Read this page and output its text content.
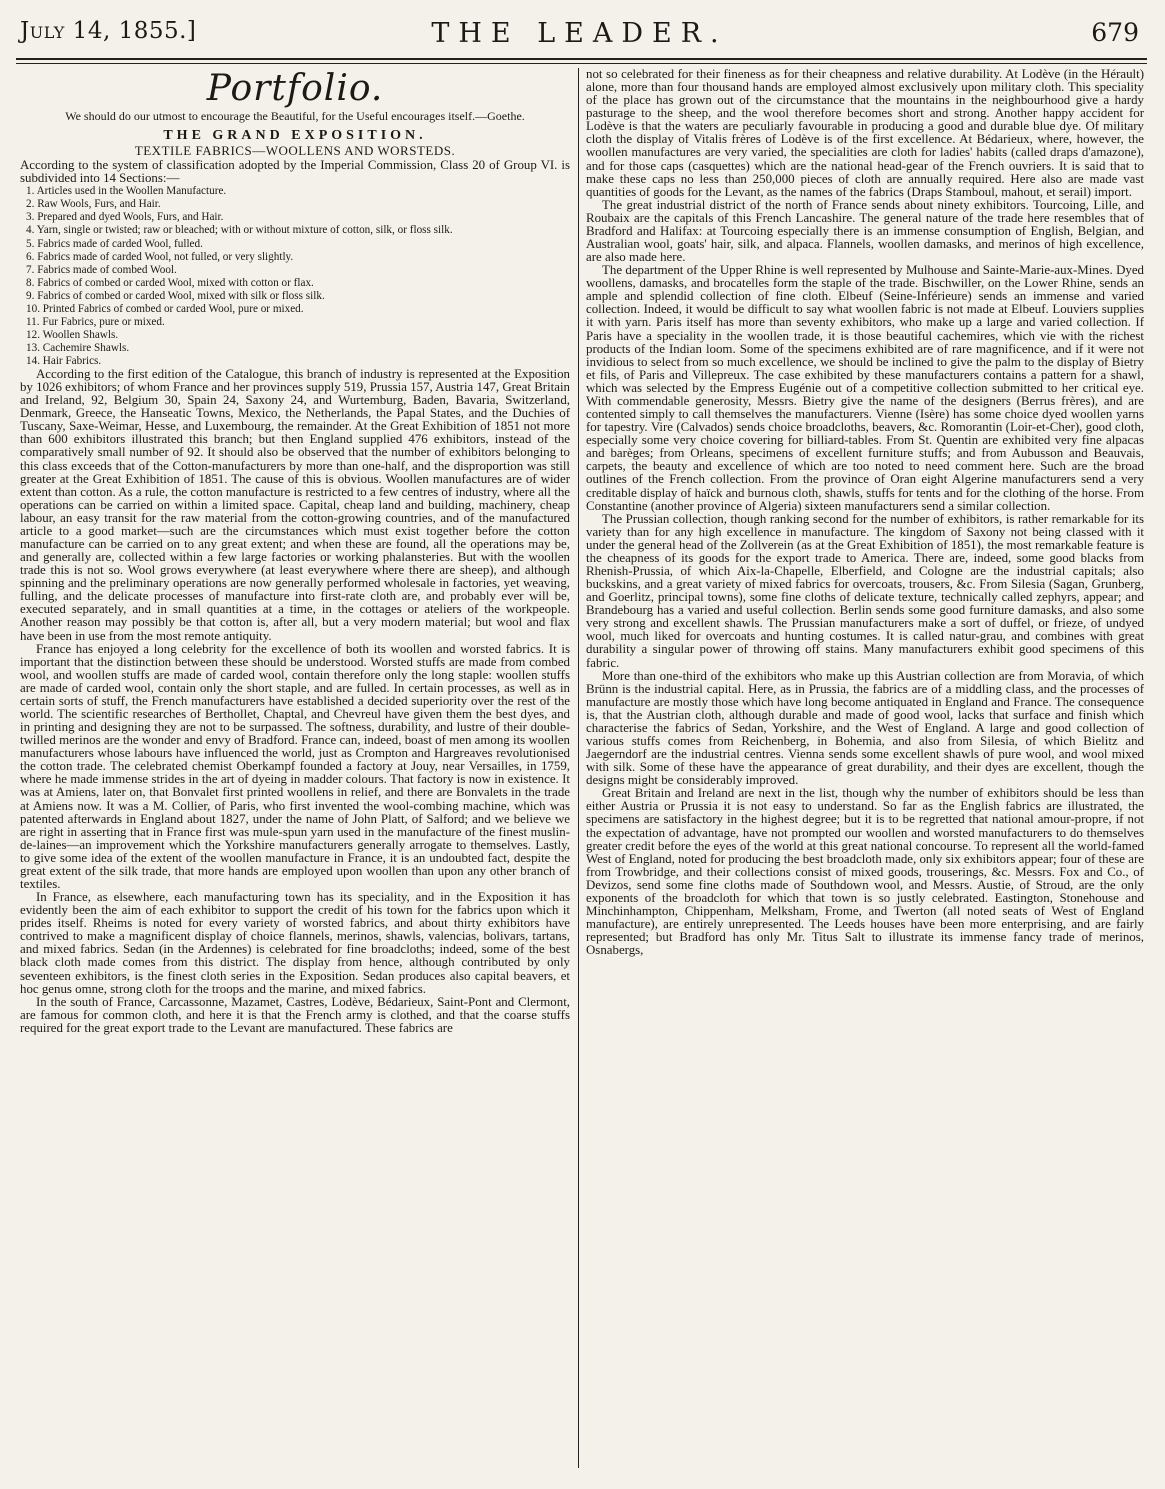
July 14, 1855.]	THE LEADER.	679
Portfolio.
We should do our utmost to encourage the Beautiful, for the Useful encourages itself.—Goethe.
THE GRAND EXPOSITION.
TEXTILE FABRICS—WOOLLENS AND WORSTEDS.

According to the system of classification adopted by the Imperial Commission, Class 20 of Group VI. is subdivided into 14 Sections:—

1. Articles used in the Woollen Manufacture.
2. Raw Wools, Furs, and Hair.
3. Prepared and dyed Wools, Furs, and Hair.
4. Yarn, single or twisted; raw or bleached; with or without mixture of cotton, silk, or floss silk.
5. Fabrics made of carded Wool, fulled.
6. Fabrics made of carded Wool, not fulled, or very slightly.
7. Fabrics made of combed Wool.
8. Fabrics of combed or carded Wool, mixed with cotton or flax.
9. Fabrics of combed or carded Wool, mixed with silk or floss silk.
10. Printed Fabrics of combed or carded Wool, pure or mixed.
11. Fur Fabrics, pure or mixed.
12. Woollen Shawls.
13. Cachemire Shawls.
14. Hair Fabrics.

According to the first edition of the Catalogue, this branch of industry is represented at the Exposition by 1026 exhibitors; of whom France and her provinces supply 519, Prussia 157, Austria 147, Great Britain and Ireland, 92, Belgium 30, Spain 24, Saxony 24, and Wurtemburg, Baden, Bavaria, Switzerland, Denmark, Greece, the Hanseatic Towns, Mexico, the Netherlands, the Papal States, and the Duchies of Tuscany, Saxe-Weimar, Hesse, and Luxembourg, the remainder. At the Great Exhibition of 1851 not more than 600 exhibitors illustrated this branch; but then England supplied 476 exhibitors, instead of the comparatively small number of 92. It should also be observed that the number of exhibitors belonging to this class exceeds that of the Cotton-manufacturers by more than one-half, and the disproportion was still greater at the Great Exhibition of 1851. The cause of this is obvious. Woollen manufactures are of wider extent than cotton. As a rule, the cotton manufacture is restricted to a few centres of industry, where all the operations can be carried on within a limited space. Capital, cheap land and building, machinery, cheap labour, an easy transit for the raw material from the cotton-growing countries, and of the manufactured article to a good market—such are the circumstances which must exist together before the cotton manufacture can be carried on to any great extent; and when these are found, all the operations may be, and generally are, collected within a few large factories or working phalansteries. But with the woollen trade this is not so. Wool grows everywhere (at least everywhere where there are sheep), and although spinning and the preliminary operations are now generally performed wholesale in factories, yet weaving, fulling, and the delicate processes of manufacture into first-rate cloth are, and probably ever will be, executed separately, and in small quantities at a time, in the cottages or ateliers of the workpeople. Another reason may possibly be that cotton is, after all, but a very modern material; but wool and flax have been in use from the most remote antiquity.

France has enjoyed a long celebrity for the excellence of both its woollen and worsted fabrics. It is important that the distinction between these should be understood. Worsted stuffs are made from combed wool, and woollen stuffs are made of carded wool, contain therefore only the long staple: woollen stuffs are made of carded wool, contain only the short staple, and are fulled. In certain processes, as well as in certain sorts of stuff, the French manufacturers have established a decided superiority over the rest of the world. The scientific researches of Berthollet, Chaptal, and Chevreul have given them the best dyes, and in printing and designing they are not to be surpassed. The softness, durability, and lustre of their double-twilled merinos are the wonder and envy of Bradford. France can, indeed, boast of men among its woollen manufacturers whose labours have influenced the world, just as Crompton and Hargreaves revolutionised the cotton trade. The celebrated chemist Oberkampf founded a factory at Jouy, near Versailles, in 1759, where he made immense strides in the art of dyeing in madder colours. That factory is now in existence. It was at Amiens, later on, that Bonvalet first printed woollens in relief, and there are Bonvalets in the trade at Amiens now. It was a M. Collier, of Paris, who first invented the wool-combing machine, which was patented afterwards in England about 1827, under the name of John Platt, of Salford; and we believe we are right in asserting that in France first was mule-spun yarn used in the manufacture of the finest muslin-de-laines—an improvement which the Yorkshire manufacturers generally arrogate to themselves. Lastly, to give some idea of the extent of the woollen manufacture in France, it is an undoubted fact, despite the great extent of the silk trade, that more hands are employed upon woollen than upon any other branch of textiles.

In France, as elsewhere, each manufacturing town has its speciality, and in the Exposition it has evidently been the aim of each exhibitor to support the credit of his town for the fabrics upon which it prides itself. Rheims is noted for every variety of worsted fabrics, and about thirty exhibitors have contrived to make a magnificent display of choice flannels, merinos, shawls, valencias, bolivars, tartans, and mixed fabrics. Sedan (in the Ardennes) is celebrated for fine broadcloths; indeed, some of the best black cloth made comes from this district. The display from hence, although contributed by only seventeen exhibitors, is the finest cloth series in the Exposition. Sedan produces also capital beavers, et hoc genus omne, strong cloth for the troops and the marine, and mixed fabrics.

In the south of France, Carcassonne, Mazamet, Castres, Lodève, Bédarieux, Saint-Pont and Clermont, are famous for common cloth, and here it is that the French army is clothed, and that the coarse stuffs required for the great export trade to the Levant are manufactured. These fabrics are

not so celebrated for their fineness as for their cheapness and relative durability. At Lodève (in the Hérault) alone, more than four thousand hands are employed almost exclusively upon military cloth. This speciality of the place has grown out of the circumstance that the mountains in the neighbourhood give a hardy pasturage to the sheep, and the wool therefore becomes short and strong. Another happy accident for Lodève is that the waters are peculiarly favourable in producing a good and durable blue dye. Of military cloth the display of Vitalis frères of Lodève is of the first excellence. At Bédarieux, where, however, the woollen manufactures are very varied, the specialities are cloth for ladies' habits (called draps d'amazone), and for those caps (casquettes) which are the national head-gear of the French ouvriers. It is said that to make these caps no less than 250,000 pieces of cloth are annually required. Here also are made vast quantities of goods for the Levant, as the names of the fabrics (Draps Stamboul, mahout, et serail) import.

The great industrial district of the north of France sends about ninety exhibitors. Tourcoing, Lille, and Roubaix are the capitals of this French Lancashire. The general nature of the trade here resembles that of Bradford and Halifax: at Tourcoing especially there is an immense consumption of English, Belgian, and Australian wool, goats' hair, silk, and alpaca. Flannels, woollen damasks, and merinos of high excellence, are also made here.

The department of the Upper Rhine is well represented by Mulhouse and Sainte-Marie-aux-Mines. Dyed woollens, damasks, and brocatelles form the staple of the trade. Bischwiller, on the Lower Rhine, sends an ample and splendid collection of fine cloth. Elbeuf (Seine-Inférieure) sends an immense and varied collection. Indeed, it would be difficult to say what woollen fabric is not made at Elbeuf. Louviers supplies it with yarn. Paris itself has more than seventy exhibitors, who make up a large and varied collection. If Paris have a speciality in the woollen trade, it is those beautiful cachemires, which vie with the richest products of the Indian loom. Some of the specimens exhibited are of rare magnificence, and if it were not invidious to select from so much excellence, we should be inclined to give the palm to the display of Bietry et fils, of Paris and Villepreux. The case exhibited by these manufacturers contains a pattern for a shawl, which was selected by the Empress Eugénie out of a competitive collection submitted to her critical eye. With commendable generosity, Messrs. Bietry give the name of the designers (Berrus frères), and are contented simply to call themselves the manufacturers. Vienne (Isère) has some choice dyed woollen yarns for tapestry. Vire (Calvados) sends choice broadcloths, beavers, &c. Romorantin (Loir-et-Cher), good cloth, especially some very choice covering for billiard-tables. From St. Quentin are exhibited very fine alpacas and barèges; from Orleans, specimens of excellent furniture stuffs; and from Aubusson and Beauvais, carpets, the beauty and excellence of which are too noted to need comment here. Such are the broad outlines of the French collection. From the province of Oran eight Algerine manufacturers send a very creditable display of haïck and burnous cloth, shawls, stuffs for tents and for the clothing of the horse. From Constantine (another province of Algeria) sixteen manufacturers send a similar collection.

The Prussian collection, though ranking second for the number of exhibitors, is rather remarkable for its variety than for any high excellence in manufacture. The kingdom of Saxony not being classed with it under the general head of the Zollverein (as at the Great Exhibition of 1851), the most remarkable feature is the cheapness of its goods for the export trade to America. There are, indeed, some good blacks from Rhenish-Prussia, of which Aix-la-Chapelle, Elberfield, and Cologne are the industrial capitals; also buckskins, and a great variety of mixed fabrics for overcoats, trousers, &c. From Silesia (Sagan, Grunberg, and Goerlitz, principal towns), some fine cloths of delicate texture, technically called zephyrs, appear; and Brandebourg has a varied and useful collection. Berlin sends some good furniture damasks, and also some very strong and excellent shawls. The Prussian manufacturers make a sort of duffel, or frieze, of undyed wool, much liked for overcoats and hunting costumes. It is called natur-grau, and combines with great durability a singular power of throwing off stains. Many manufacturers exhibit good specimens of this fabric.

More than one-third of the exhibitors who make up this Austrian collection are from Moravia, of which Brünn is the industrial capital. Here, as in Prussia, the fabrics are of a middling class, and the processes of manufacture are mostly those which have long become antiquated in England and France. The consequence is, that the Austrian cloth, although durable and made of good wool, lacks that surface and finish which characterise the fabrics of Sedan, Yorkshire, and the West of England. A large and good collection of various stuffs comes from Reichenberg, in Bohemia, and also from Silesia, of which Bielitz and Jaegerndorf are the industrial centres. Vienna sends some excellent shawls of pure wool, and wool mixed with silk. Some of these have the appearance of great durability, and their dyes are excellent, though the designs might be considerably improved.

Great Britain and Ireland are next in the list, though why the number of exhibitors should be less than either Austria or Prussia it is not easy to understand. So far as the English fabrics are illustrated, the specimens are satisfactory in the highest degree; but it is to be regretted that national amour-propre, if not the expectation of advantage, have not prompted our woollen and worsted manufacturers to do themselves greater credit before the eyes of the world at this great national concourse. To represent all the world-famed West of England, noted for producing the best broadcloth made, only six exhibitors appear; four of these are from Trowbridge, and their collections consist of mixed goods, trouserings, &c. Messrs. Fox and Co., of Devizos, send some fine cloths made of Southdown wool, and Messrs. Austie, of Stroud, are the only exponents of the broadcloth for which that town is so justly celebrated. Eastington, Stonehouse and Minchinhampton, Chippenham, Melksham, Frome, and Twerton (all noted seats of West of England manufacture), are entirely unrepresented. The Leeds houses have been more enterprising, and are fairly represented; but Bradford has only Mr. Titus Salt to illustrate its immense fancy trade of merinos, Osnabergs,
